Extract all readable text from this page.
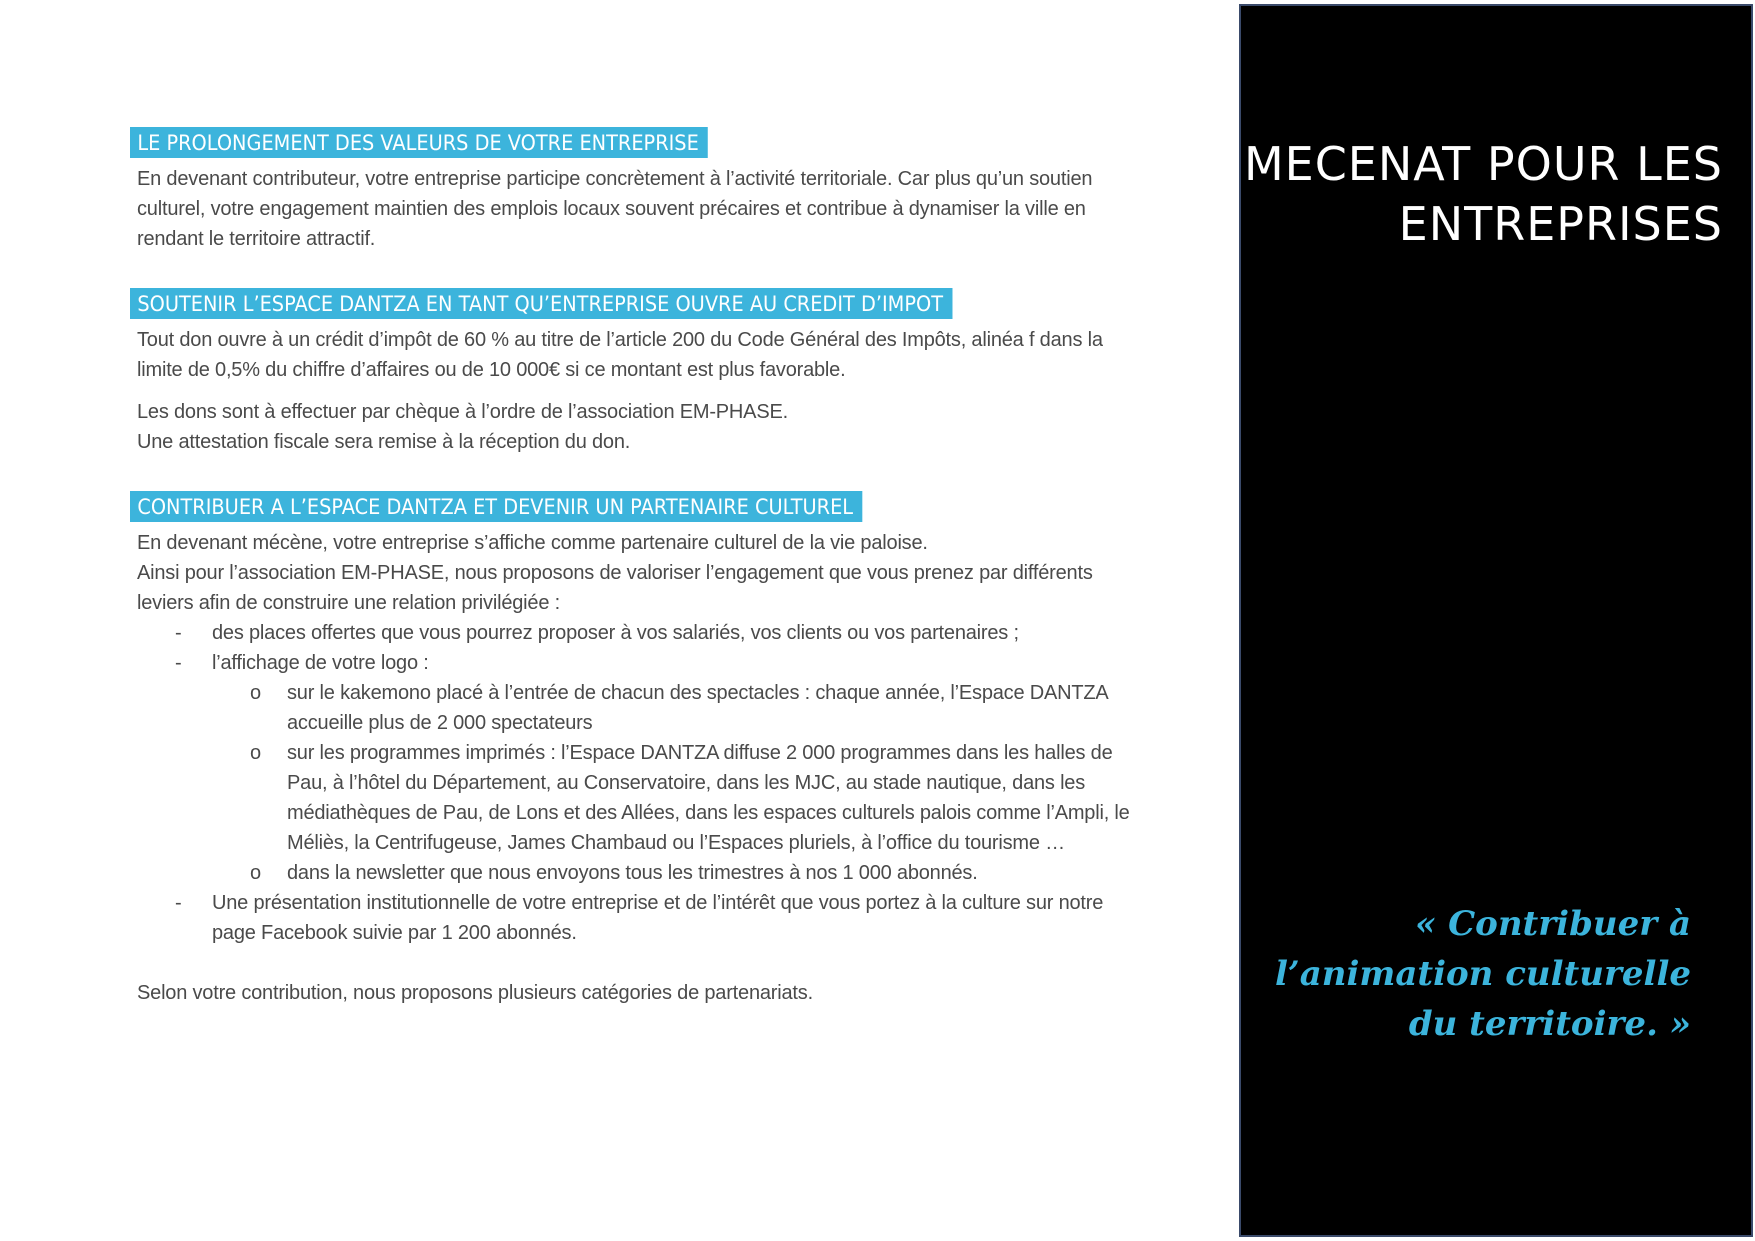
LE PROLONGEMENT DES VALEURS DE VOTRE ENTREPRISE
En devenant contributeur, votre entreprise participe concrètement à l’activité territoriale. Car plus qu’un soutien culturel, votre engagement maintien des emplois locaux souvent précaires et contribue à dynamiser la ville en rendant le territoire attractif.
SOUTENIR L’ESPACE DANTZA EN TANT QU’ENTREPRISE OUVRE AU CREDIT D’IMPOT
Tout don ouvre à un crédit d’impôt de 60 % au titre de l’article 200 du Code Général des Impôts, alinéa f dans la limite de 0,5% du chiffre d’affaires ou de 10 000€ si ce montant est plus favorable.
Les dons sont à effectuer par chèque à l’ordre de l’association EM-PHASE.
Une attestation fiscale sera remise à la réception du don.
CONTRIBUER A L’ESPACE DANTZA ET DEVENIR UN PARTENAIRE CULTUREL
En devenant mécène, votre entreprise s’affiche comme partenaire culturel de la vie paloise.
Ainsi pour l’association EM-PHASE, nous proposons de valoriser l’engagement que vous prenez par différents leviers afin de construire une relation privilégiée :
- des places offertes que vous pourrez proposer à vos salariés, vos clients ou vos partenaires ;
- l’affichage de votre logo :
o sur le kakemono placé à l’entrée de chacun des spectacles : chaque année, l’Espace DANTZA accueille plus de 2 000 spectateurs
o sur les programmes imprimés : l’Espace DANTZA diffuse 2 000 programmes dans les halles de Pau, à l’hôtel du Département, au Conservatoire, dans les MJC, au stade nautique, dans les médiathèques de Pau, de Lons et des Allées, dans les espaces culturels palois comme l’Ampli, le Méliès, la Centrifugeuse, James Chambaud ou l’Espaces pluriels, à l’office du tourisme …
o dans la newsletter que nous envoyons tous les trimestres à nos 1 000 abonnés.
- Une présentation institutionnelle de votre entreprise et de l’intérêt que vous portez à la culture sur notre page Facebook suivie par 1 200 abonnés.
Selon votre contribution, nous proposons plusieurs catégories de partenariats.
MECENAT POUR LES
ENTREPRISES
« Contribuer à
l’animation culturelle
du territoire. »
